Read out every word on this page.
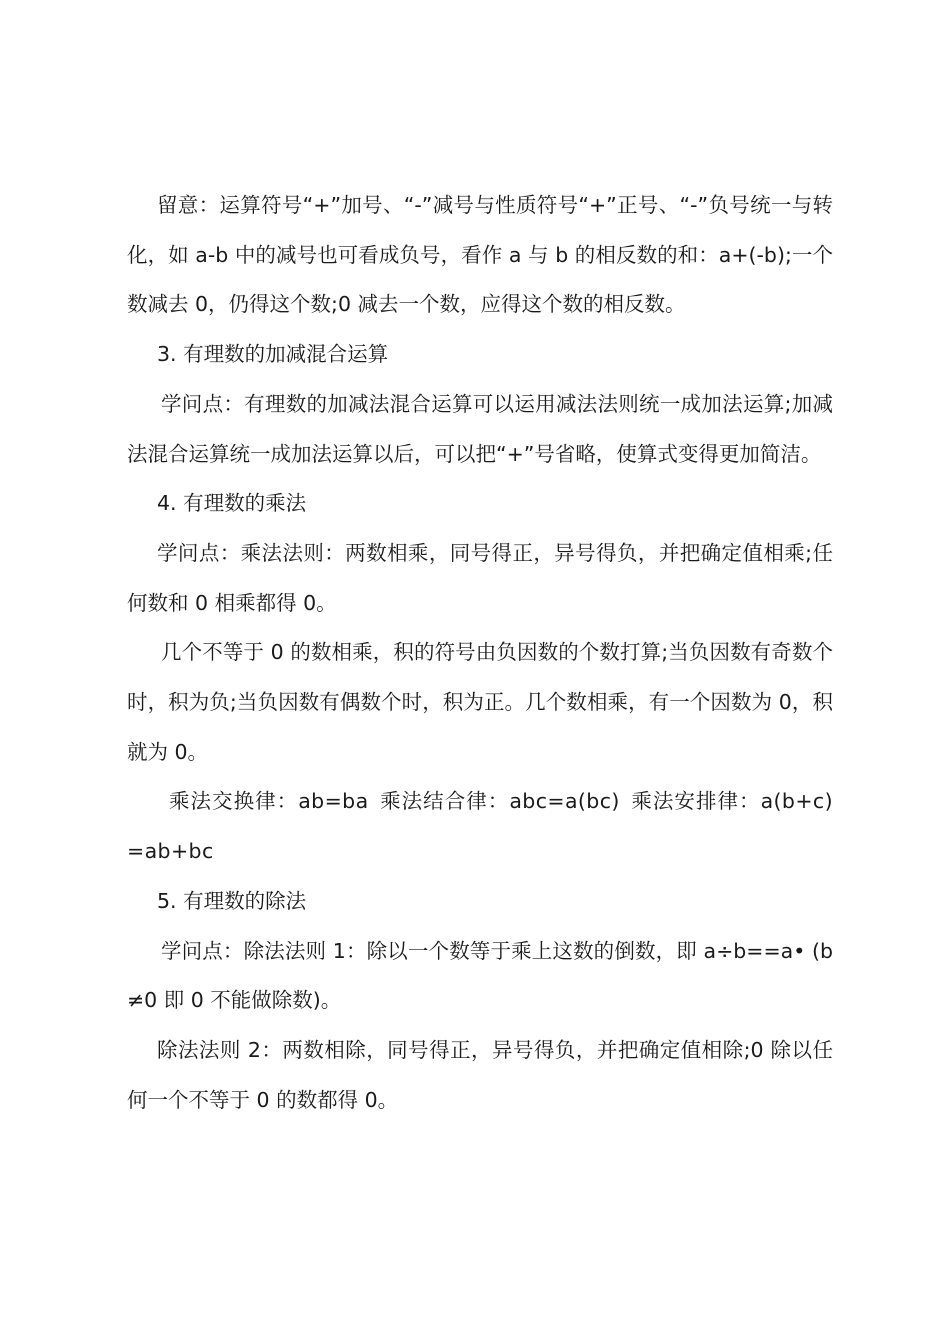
留意：运算符号“+”加号、“-”减号与性质符号“+”正号、“-”负号统一与转化，如 a-b 中的减号也可看成负号，看作 a 与 b 的相反数的和：a+(-b);一个数减去 0，仍得这个数;0 减去一个数，应得这个数的相反数。

3. 有理数的加减混合运算

学问点：有理数的加减法混合运算可以运用减法法则统一成加法运算;加减法混合运算统一成加法运算以后，可以把“+”号省略，使算式变得更加简洁。

4. 有理数的乘法

学问点：乘法法则：两数相乘，同号得正，异号得负，并把确定值相乘;任何数和 0 相乘都得 0。

几个不等于 0 的数相乘，积的符号由负因数的个数打算;当负因数有奇数个时，积为负;当负因数有偶数个时，积为正。几个数相乘，有一个因数为 0，积就为 0。

乘法交换律：ab=ba 乘法结合律：abc=a(bc) 乘法安排律：a(b+c)=ab+bc

5. 有理数的除法

学问点：除法法则 1：除以一个数等于乘上这数的倒数，即 a÷b==a• (b≠0 即 0 不能做除数)。

除法法则 2：两数相除，同号得正，异号得负，并把确定值相除;0 除以任何一个不等于 0 的数都得 0。
